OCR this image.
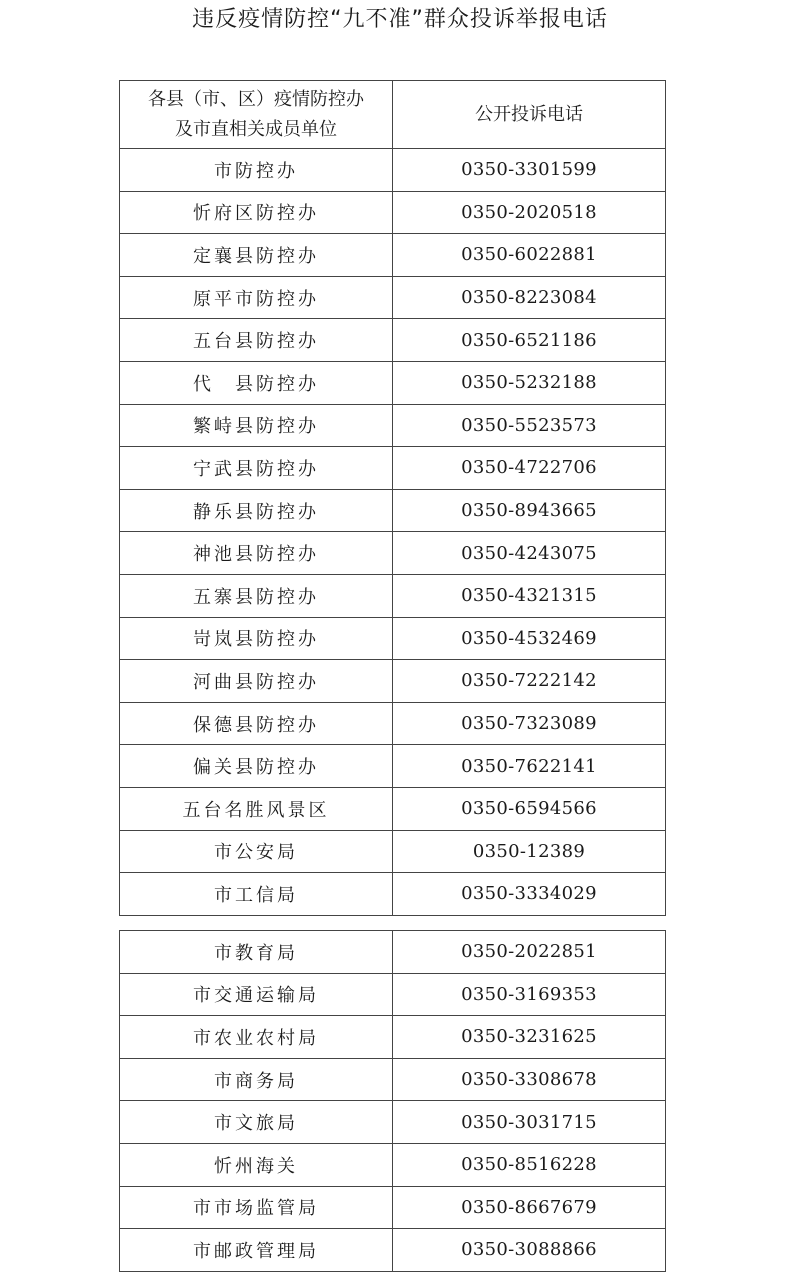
违反疫情防控“九不准”群众投诉举报电话
各县（市、区）疫情防控办
及市直相关成员单位	公开投诉电话
市防控办	0350-3301599
忻府区防控办	0350-2020518
定襄县防控办	0350-6022881
原平市防控办	0350-8223084
五台县防控办	0350-6521186
代　县防控办	0350-5232188
繁峙县防控办	0350-5523573
宁武县防控办	0350-4722706
静乐县防控办	0350-8943665
神池县防控办	0350-4243075
五寨县防控办	0350-4321315
岢岚县防控办	0350-4532469
河曲县防控办	0350-7222142
保德县防控办	0350-7323089
偏关县防控办	0350-7622141
五台名胜风景区	0350-6594566
市公安局	0350-12389
市工信局	0350-3334029
市教育局	0350-2022851
市交通运输局	0350-3169353
市农业农村局	0350-3231625
市商务局	0350-3308678
市文旅局	0350-3031715
忻州海关	0350-8516228
市市场监管局	0350-8667679
市邮政管理局	0350-3088866
